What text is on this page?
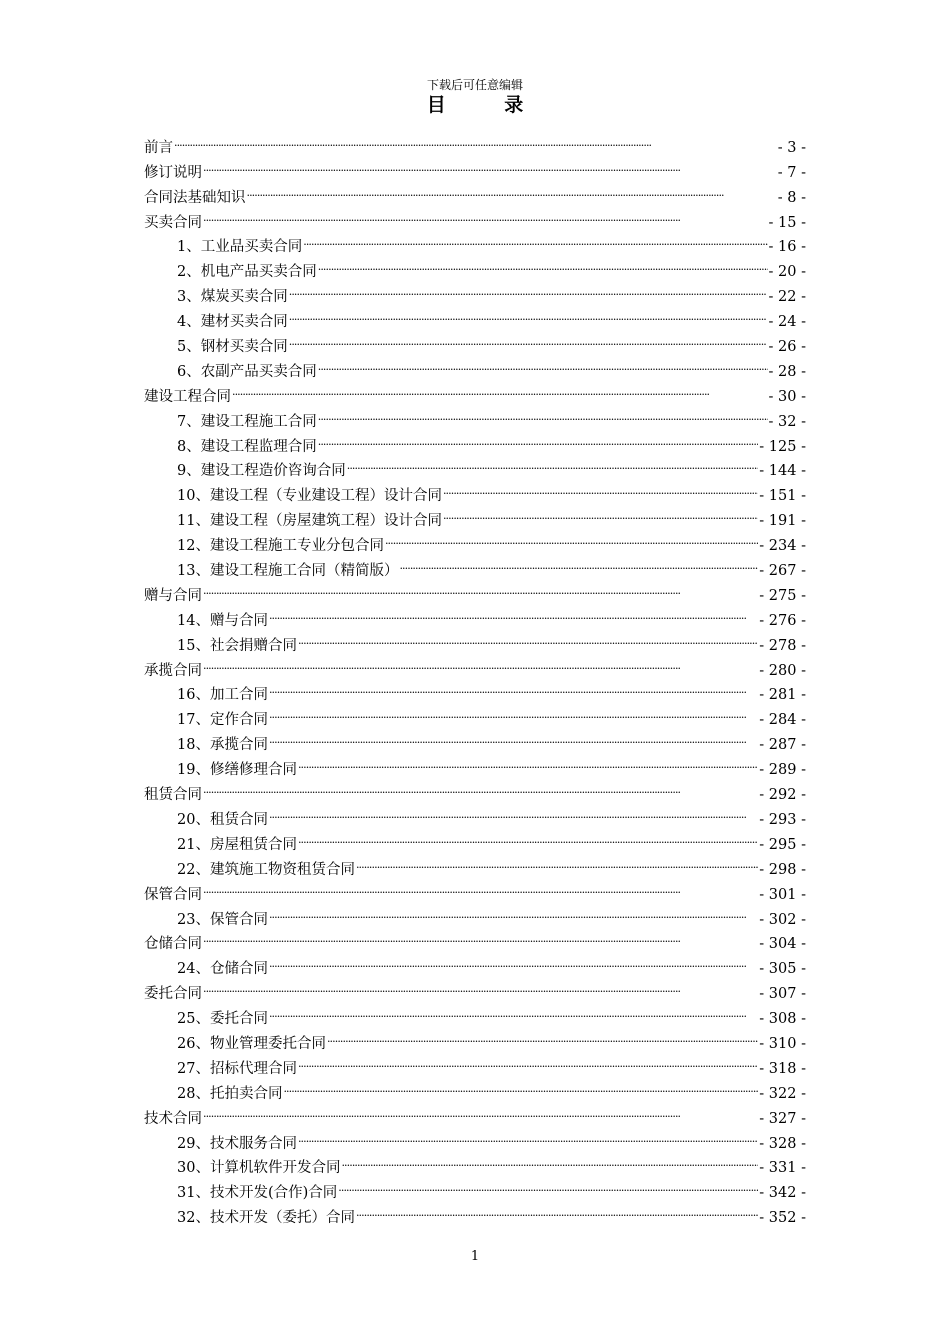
下载后可任意编辑
目 录
前言 . . .	- 3 -
修订说明 . . .	- 7 -
合同法基础知识 . . .	- 8 -
买卖合同 . . .	- 15 -
1、工业品买卖合同 . . .	- 16 -
2、机电产品买卖合同 . . .	- 20 -
3、煤炭买卖合同 . . .	- 22 -
4、建材买卖合同 . . .	- 24 -
5、钢材买卖合同 . . .	- 26 -
6、农副产品买卖合同 . . .	- 28 -
建设工程合同 . . .	- 30 -
7、建设工程施工合同 . . .	- 32 -
8、建设工程监理合同 . . .	- 125 -
9、建设工程造价咨询合同 . . .	- 144 -
10、建设工程（专业建设工程）设计合同 . . .	- 151 -
11、建设工程（房屋建筑工程）设计合同 . . .	- 191 -
12、建设工程施工专业分包合同 . . .	- 234 -
13、建设工程施工合同（精简版） . . .	- 267 -
赠与合同 . . .	- 275 -
14、赠与合同 . . .	- 276 -
15、社会捐赠合同 . . .	- 278 -
承揽合同 . . .	- 280 -
16、加工合同 . . .	- 281 -
17、定作合同 . . .	- 284 -
18、承揽合同 . . .	- 287 -
19、修缮修理合同 . . .	- 289 -
租赁合同 . . .	- 292 -
20、租赁合同 . . .	- 293 -
21、房屋租赁合同 . . .	- 295 -
22、建筑施工物资租赁合同 . . .	- 298 -
保管合同 . . .	- 301 -
23、保管合同 . . .	- 302 -
仓储合同 . . .	- 304 -
24、仓储合同 . . .	- 305 -
委托合同 . . .	- 307 -
25、委托合同 . . .	- 308 -
26、物业管理委托合同 . . .	- 310 -
27、招标代理合同 . . .	- 318 -
28、托拍卖合同 . . .	- 322 -
技术合同 . . .	- 327 -
29、技术服务合同 . . .	- 328 -
30、计算机软件开发合同 . . .	- 331 -
31、技术开发(合作)合同 . . .	- 342 -
32、技术开发（委托）合同 . . .	- 352 -
1
